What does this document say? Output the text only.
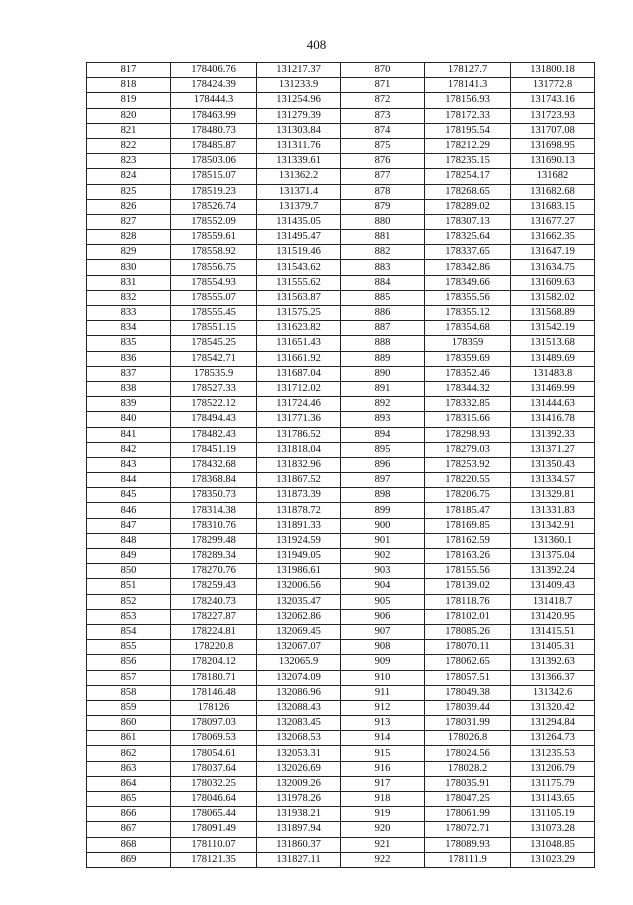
408
817	178406.76	131217.37	870	178127.7	131800.18
818	178424.39	131233.9	871	178141.3	131772.8
819	178444.3	131254.96	872	178156.93	131743.16
820	178463.99	131279.39	873	178172.33	131723.93
821	178480.73	131303.84	874	178195.54	131707.08
822	178485.87	131311.76	875	178212.29	131698.95
823	178503.06	131339.61	876	178235.15	131690.13
824	178515.07	131362.2	877	178254.17	131682
825	178519.23	131371.4	878	178268.65	131682.68
826	178526.74	131379.7	879	178289.02	131683.15
827	178552.09	131435.05	880	178307.13	131677.27
828	178559.61	131495.47	881	178325.64	131662.35
829	178558.92	131519.46	882	178337.65	131647.19
830	178556.75	131543.62	883	178342.86	131634.75
831	178554.93	131555.62	884	178349.66	131609.63
832	178555.07	131563.87	885	178355.56	131582.02
833	178555.45	131575.25	886	178355.12	131568.89
834	178551.15	131623.82	887	178354.68	131542.19
835	178545.25	131651.43	888	178359	131513.68
836	178542.71	131661.92	889	178359.69	131489.69
837	178535.9	131687.04	890	178352.46	131483.8
838	178527.33	131712.02	891	178344.32	131469.99
839	178522.12	131724.46	892	178332.85	131444.63
840	178494.43	131771.36	893	178315.66	131416.78
841	178482.43	131786.52	894	178298.93	131392.33
842	178451.19	131818.04	895	178279.03	131371.27
843	178432.68	131832.96	896	178253.92	131350.43
844	178368.84	131867.52	897	178220.55	131334.57
845	178350.73	131873.39	898	178206.75	131329.81
846	178314.38	131878.72	899	178185.47	131331.83
847	178310.76	131891.33	900	178169.85	131342.91
848	178299.48	131924.59	901	178162.59	131360.1
849	178289.34	131949.05	902	178163.26	131375.04
850	178270.76	131986.61	903	178155.56	131392.24
851	178259.43	132006.56	904	178139.02	131409.43
852	178240.73	132035.47	905	178118.76	131418.7
853	178227.87	132062.86	906	178102.01	131420.95
854	178224.81	132069.45	907	178085.26	131415.51
855	178220.8	132067.07	908	178070.11	131405.31
856	178204.12	132065.9	909	178062.65	131392.63
857	178180.71	132074.09	910	178057.51	131366.37
858	178146.48	132086.96	911	178049.38	131342.6
859	178126	132088.43	912	178039.44	131320.42
860	178097.03	132083.45	913	178031.99	131294.84
861	178069.53	132068.53	914	178026.8	131264.73
862	178054.61	132053.31	915	178024.56	131235.53
863	178037.64	132026.69	916	178028.2	131206.79
864	178032.25	132009.26	917	178035.91	131175.79
865	178046.64	131978.26	918	178047.25	131143.65
866	178065.44	131938.21	919	178061.99	131105.19
867	178091.49	131897.94	920	178072.71	131073.28
868	178110.07	131860.37	921	178089.93	131048.85
869	178121.35	131827.11	922	178111.9	131023.29
